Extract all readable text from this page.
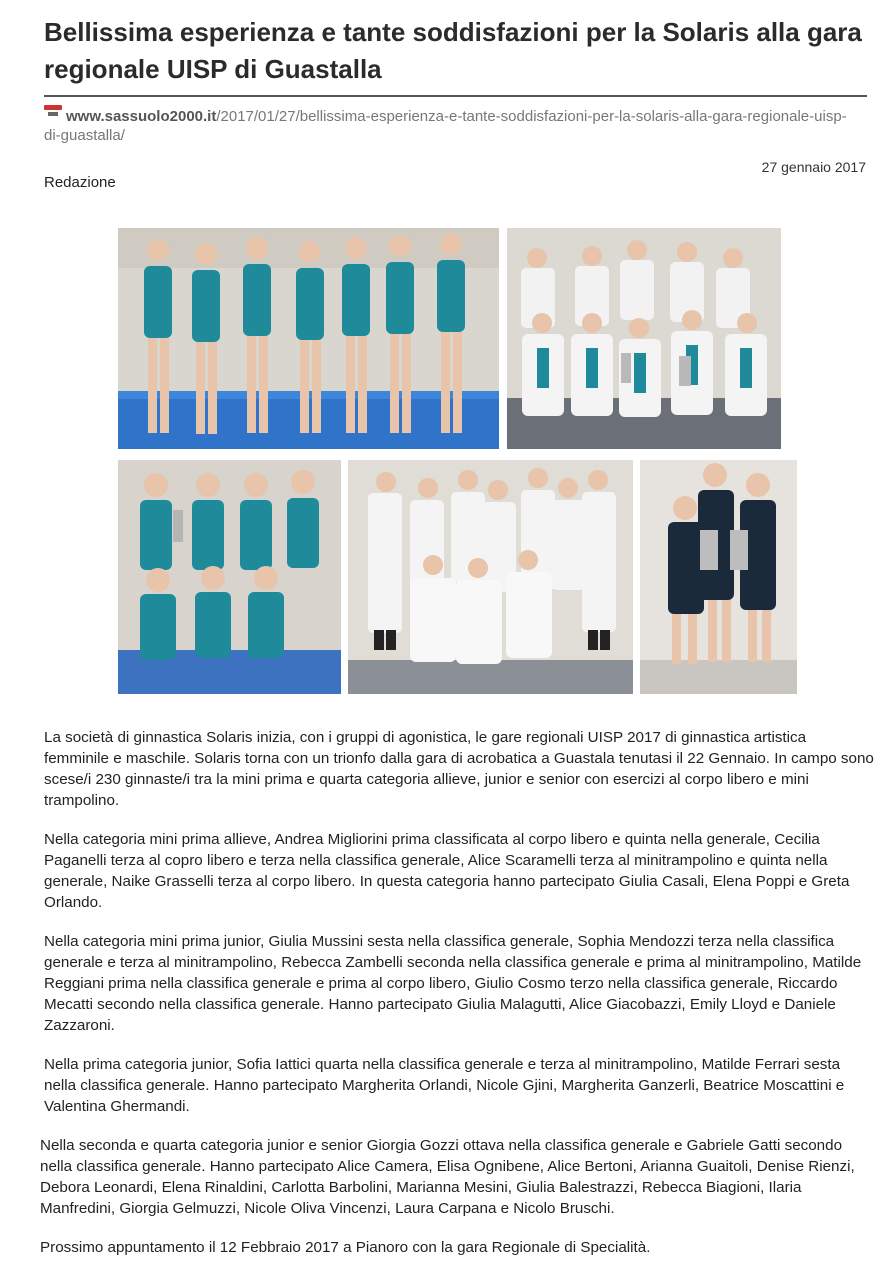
Bellissima esperienza e tante soddisfazioni per la Solaris alla gara regionale UISP di Guastalla
www.sassuolo2000.it/2017/01/27/bellissima-esperienza-e-tante-soddisfazioni-per-la-solaris-alla-gara-regionale-uisp-di-guastalla/
27 gennaio 2017
Redazione

La società di ginnastica Solaris inizia, con i gruppi di agonistica, le gare regionali UISP 2017 di ginnastica artistica femminile e maschile. Solaris torna con un trionfo dalla gara di acrobatica a Guastala tenutasi il 22 Gennaio. In campo sono scese/i 230 ginnaste/i tra la mini prima e quarta categoria allieve, junior e senior con esercizi al corpo libero e mini trampolino.

Nella categoria mini prima allieve, Andrea Migliorini prima classificata al corpo libero e quinta nella generale, Cecilia Paganelli terza al copro libero e terza nella classifica generale, Alice Scaramelli terza al minitrampolino e quinta nella generale, Naike Grasselli terza al corpo libero. In questa categoria hanno partecipato Giulia Casali, Elena Poppi e Greta Orlando.

Nella categoria mini prima junior, Giulia Mussini sesta nella classifica generale, Sophia Mendozzi terza nella classifica generale e terza al minitrampolino, Rebecca Zambelli seconda nella classifica generale e prima al minitrampolino, Matilde Reggiani prima nella classifica generale e prima al corpo libero, Giulio Cosmo terzo nella classifica generale, Riccardo Mecatti secondo nella classifica generale. Hanno partecipato Giulia Malagutti, Alice Giacobazzi, Emily Lloyd e Daniele Zazzaroni.

Nella prima categoria junior, Sofia Iattici quarta nella classifica generale e terza al minitrampolino, Matilde Ferrari sesta nella classifica generale. Hanno partecipato Margherita Orlandi, Nicole Gjini, Margherita Ganzerli, Beatrice Moscattini e Valentina Ghermandi.

Nella seconda e quarta categoria junior e senior Giorgia Gozzi ottava nella classifica generale e Gabriele Gatti secondo nella classifica generale. Hanno partecipato Alice Camera, Elisa Ognibene, Alice Bertoni, Arianna Guaitoli, Denise Rienzi, Debora Leonardi, Elena Rinaldini, Carlotta Barbolini, Marianna Mesini, Giulia Balestrazzi, Rebecca Biagioni, Ilaria Manfredini, Giorgia Gelmuzzi, Nicole Oliva Vincenzi, Laura Carpana e Nicolo Bruschi.

Prossimo appuntamento il 12 Febbraio 2017 a Pianoro con la gara Regionale di Specialità.
